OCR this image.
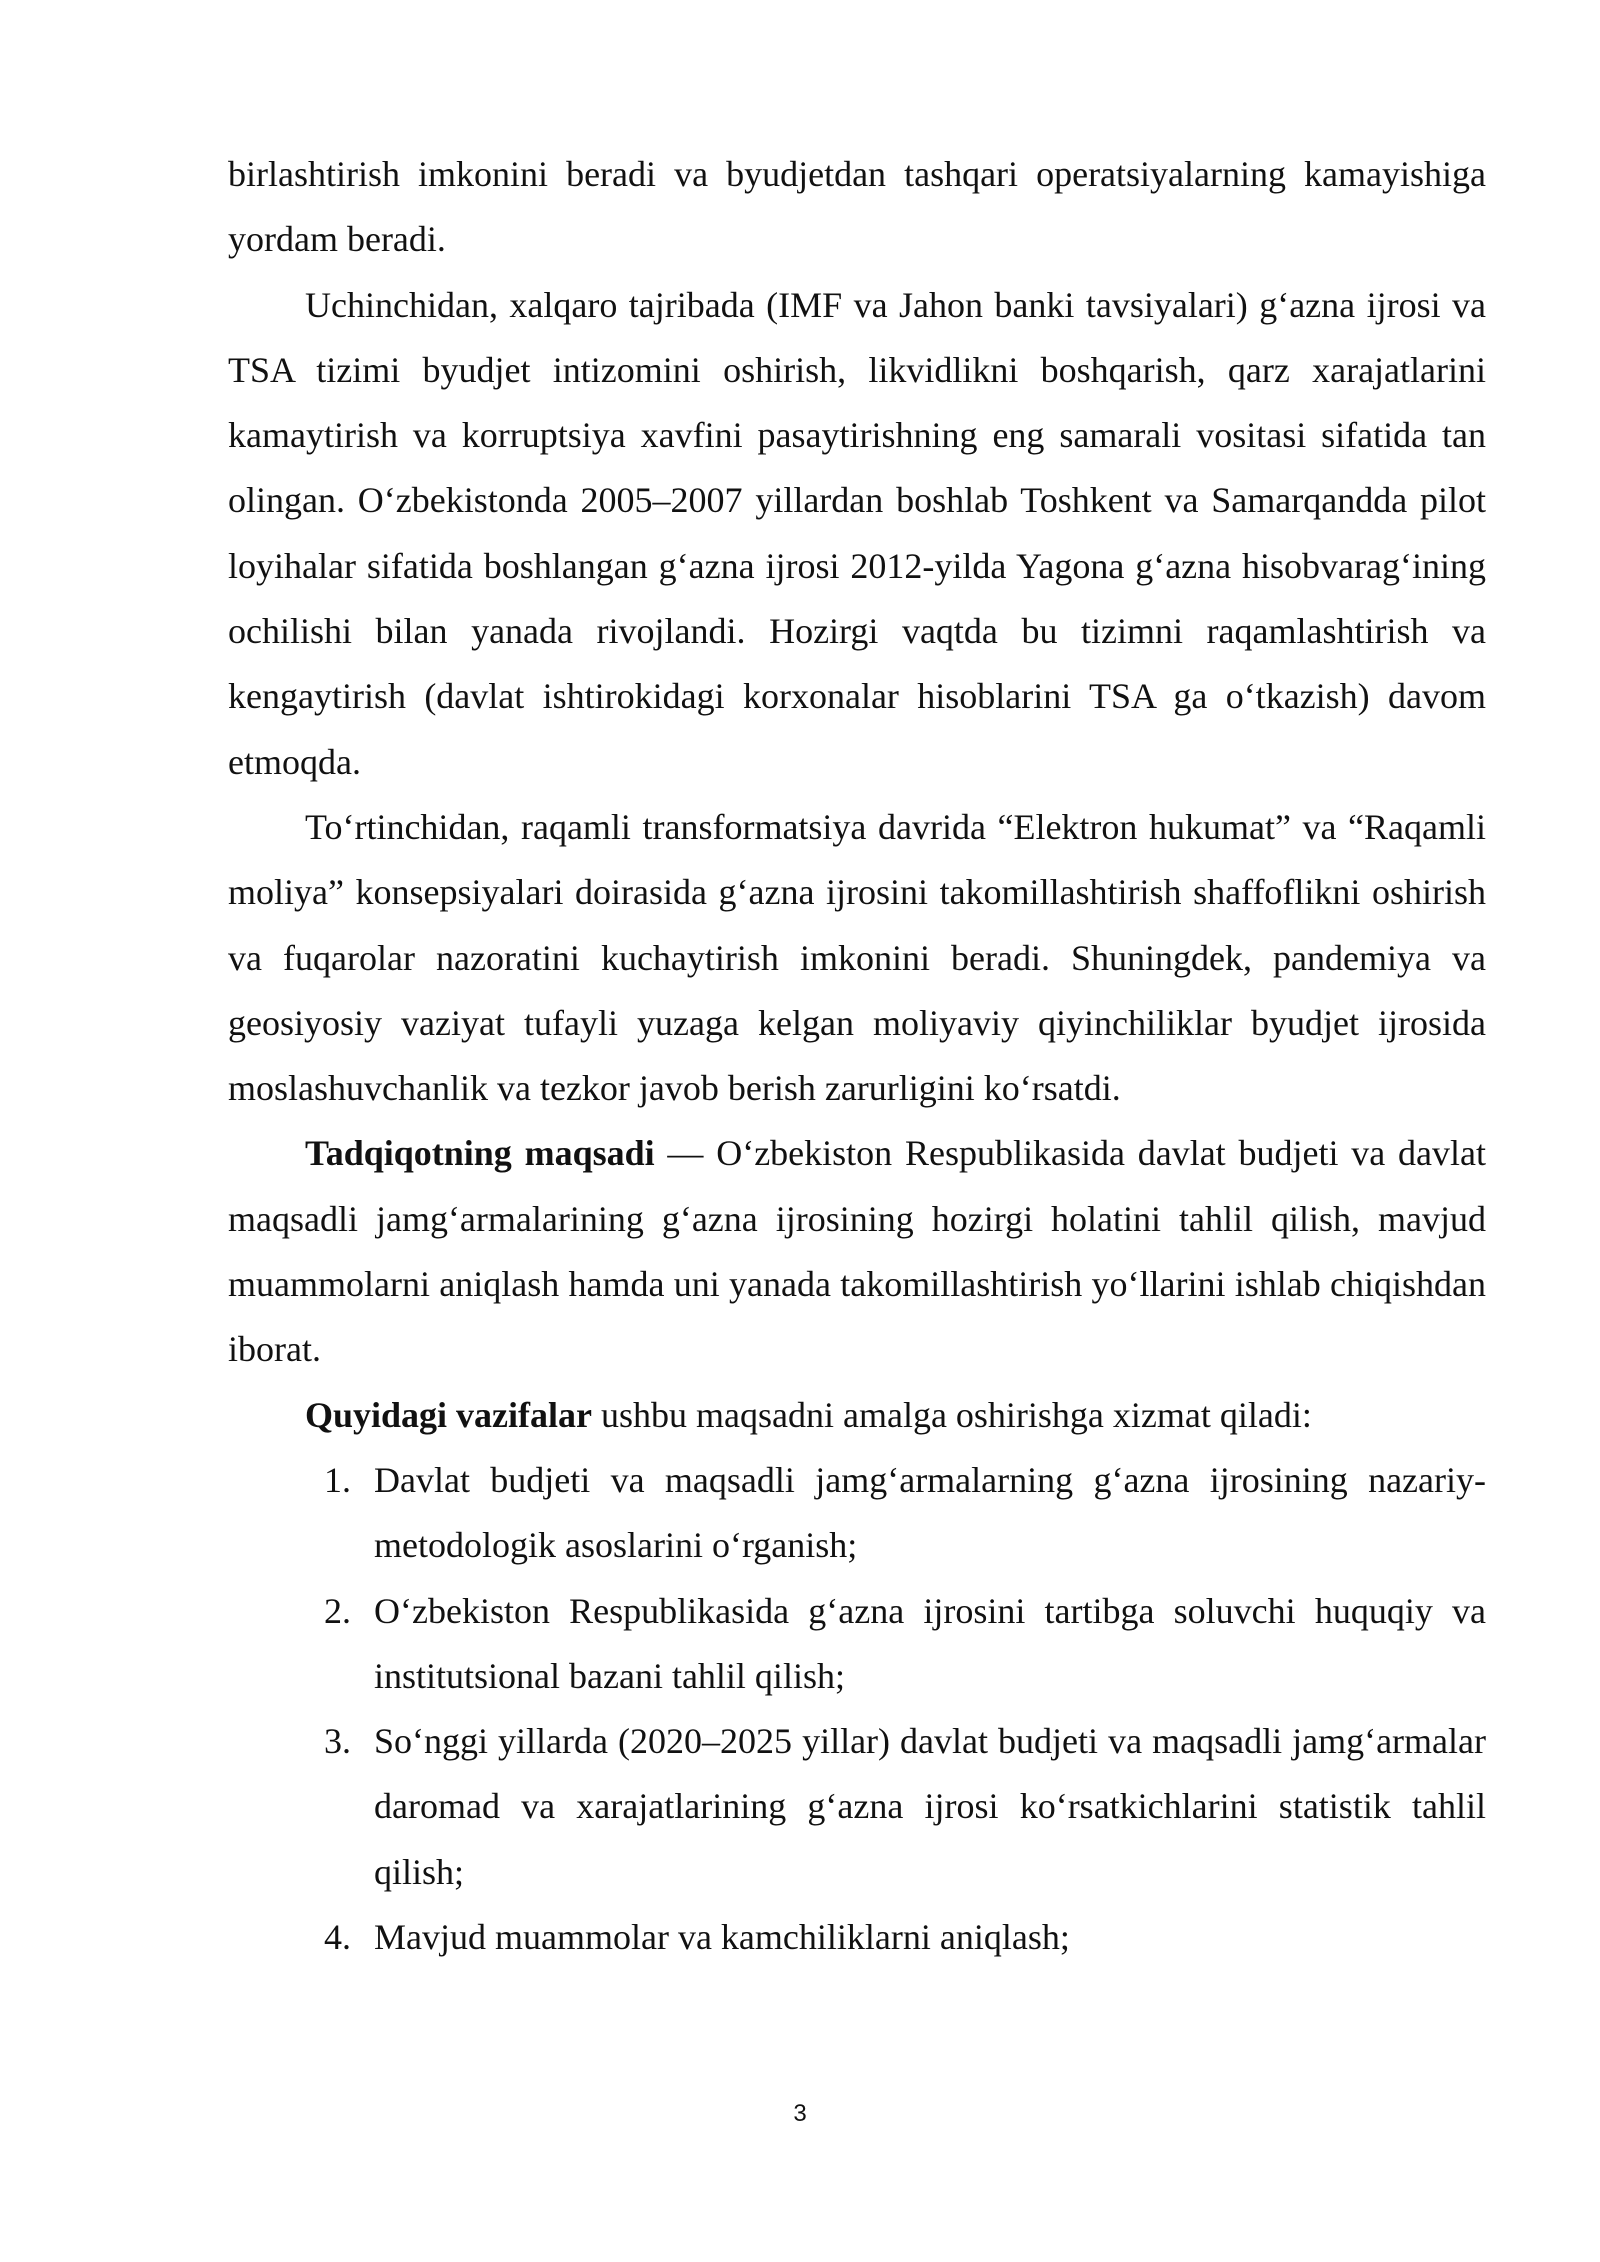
birlashtirish imkonini beradi va byudjetdan tashqari operatsiyalarning kamayishiga yordam beradi.

Uchinchidan, xalqaro tajribada (IMF va Jahon banki tavsiyalari) g‘azna ijrosi va TSA tizimi byudjet intizomini oshirish, likvidlikni boshqarish, qarz xarajatlarini kamaytirish va korruptsiya xavfini pasaytirishning eng samarali vositasi sifatida tan olingan. O‘zbekistonda 2005–2007 yillardan boshlab Toshkent va Samarqandda pilot loyihalar sifatida boshlangan g‘azna ijrosi 2012-yilda Yagona g‘azna hisobvarag‘ining ochilishi bilan yanada rivojlandi. Hozirgi vaqtda bu tizimni raqamlashtirish va kengaytirish (davlat ishtirokidagi korxonalar hisoblarini TSA ga o‘tkazish) davom etmoqda.

To‘rtinchidan, raqamli transformatsiya davrida “Elektron hukumat” va “Raqamli moliya” konsepsiyalari doirasida g‘azna ijrosini takomillashtirish shaffoflikni oshirish va fuqarolar nazoratini kuchaytirish imkonini beradi. Shuningdek, pandemiya va geosiyosiy vaziyat tufayli yuzaga kelgan moliyaviy qiyinchiliklar byudjet ijrosida moslashuvchanlik va tezkor javob berish zarurligini ko‘rsatdi.

Tadqiqotning maqsadi — O‘zbekiston Respublikasida davlat budjeti va davlat maqsadli jamg‘armalarining g‘azna ijrosining hozirgi holatini tahlil qilish, mavjud muammolarni aniqlash hamda uni yanada takomillashtirish yo‘llarini ishlab chiqishdan iborat.

Quyidagi vazifalar ushbu maqsadni amalga oshirishga xizmat qiladi:

1. Davlat budjeti va maqsadli jamg‘armalarning g‘azna ijrosining nazariy-metodologik asoslarini o‘rganish;
2. O‘zbekiston Respublikasida g‘azna ijrosini tartibga soluvchi huquqiy va institutsional bazani tahlil qilish;
3. So‘nggi yillarda (2020–2025 yillar) davlat budjeti va maqsadli jamg‘armalar daromad va xarajatlarining g‘azna ijrosi ko‘rsatkichlarini statistik tahlil qilish;
4. Mavjud muammolar va kamchiliklarni aniqlash;
3
